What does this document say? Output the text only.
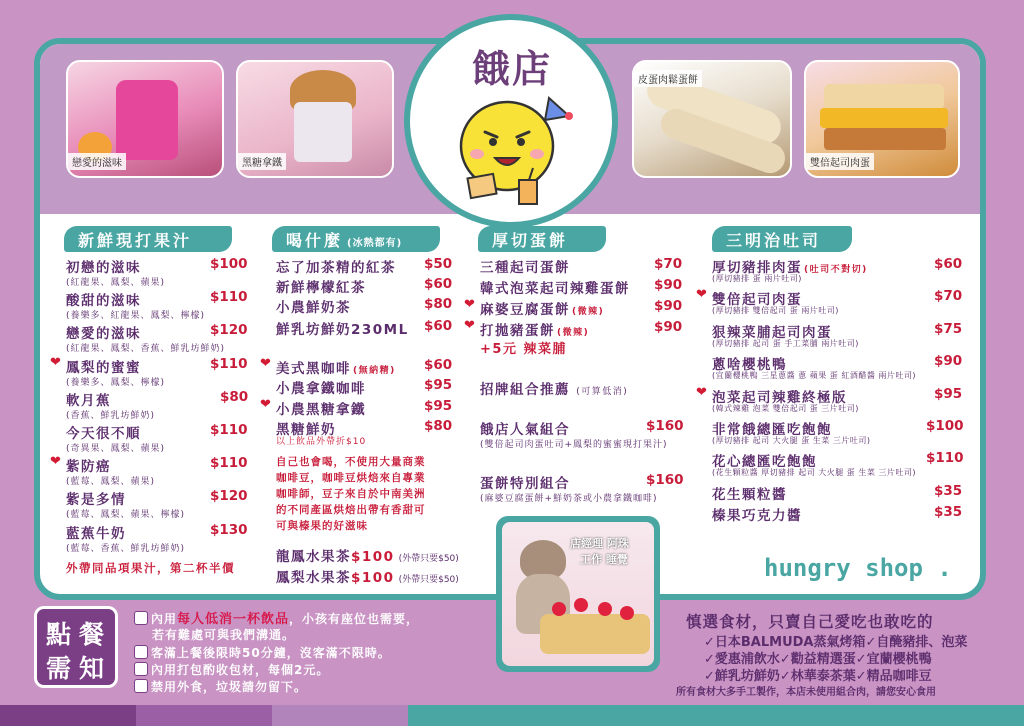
戀愛的滋味	黑糖拿鐵
皮蛋肉鬆蛋餅
雙倍起司肉蛋
餓店
新鮮現打果汁
初戀的滋味	$100
(紅龍果、鳳梨、蘋果)
酸甜的滋味	$110
(養樂多、紅龍果、鳳梨、檸檬)
戀愛的滋味	$120
(紅龍果、鳳梨、香蕉、鮮乳坊鮮奶)
❤ 鳳梨的蜜蜜	$110
(養樂多、鳳梨、檸檬)
軟月蕉	$80
(香蕉、鮮乳坊鮮奶)
今天很不順	$110
(奇異果、鳳梨、蘋果)
❤ 紫防癌	$110
(藍莓、鳳梨、蘋果)
紫是多情	$120
(藍莓、鳳梨、蘋果、檸檬)
藍蕉牛奶	$130
(藍莓、香蕉、鮮乳坊鮮奶)
外帶同品項果汁，第二杯半價
喝什麼 (冰熱都有)
忘了加茶精的紅茶 $50
新鮮檸檬紅茶	$60
小農鮮奶茶	$80
鮮乳坊鮮奶230ML $60
❤ 美式黑咖啡 (無納精) $60
小農拿鐵咖啡	$95
❤ 小農黑糖拿鐵	$95
黑糖鮮奶	$80
以上飲品外帶折$10
自己也會喝，不使用大量商業
咖啡豆，咖啡豆烘焙來自專業
咖啡師，豆子來自於中南美洲
的不同產區烘焙出帶有香甜可
可與榛果的好滋味
龍鳳水果茶$100 (外帶只要$50)
鳳梨水果茶$100 (外帶只要$50)
厚切蛋餅
三種起司蛋餅	$70
韓式泡菜起司辣雞蛋餅 $90
❤ 麻婆豆腐蛋餅 (微辣)	$90
❤ 打拋豬蛋餅 (微辣)	$90
+5元 辣菜脯
招牌組合推薦 (可算低消)
餓店人氣組合	$160
(雙倍起司肉蛋吐司+鳳梨的蜜蜜現打果汁)
蛋餅特別組合	$160
(麻婆豆腐蛋餅+鮮奶茶或小農拿鐵咖啡)
店經理 阿珠
工作 睡覺
三明治吐司
厚切豬排肉蛋 (吐司不對切)	$60
(厚切豬排 蛋 兩片吐司)
❤ 雙倍起司肉蛋	$70
(厚切豬排 雙倍起司 蛋 兩片吐司)
狠辣菜脯起司肉蛋	$75
(厚切豬排 起司 蛋 手工菜脯 兩片吐司)
蔥啥櫻桃鴨	$90
(宜蘭櫻桃鴨 三星蔥醬 蔥 蘋果 蛋 紅酒醋醬 兩片吐司)
❤ 泡菜起司辣雞終極版	$95
(韓式辣雞 泡菜 雙倍起司 蛋 三片吐司)
非常餓總匯吃飽飽	$100
(厚切豬排 起司 大火腿 蛋 生菜 三片吐司)
花心總匯吃飽飽	$110
(花生顆粒醬 厚切豬排 起司 大火腿 蛋 生菜 三片吐司)
花生顆粒醬	$35
榛果巧克力醬	$35
hungry shop .
點餐
需知
內用每人低消一杯飲品，小孩有座位也需要，
若有難處可與我們溝通。
客滿上餐後限時50分鐘，沒客滿不限時。
內用打包酌收包材，每個2元。
禁用外食，垃圾請勿留下。
慎選食材，只賣自己愛吃也敢吃的
✓日本BALMUDA蒸氣烤箱✓自醃豬排、泡菜
✓愛惠浦飲水✓勸益精選蛋✓宜蘭櫻桃鴨
✓鮮乳坊鮮奶✓林華泰茶葉✓精品咖啡豆
所有食材大多手工製作，本店未使用組合肉，請您安心食用
